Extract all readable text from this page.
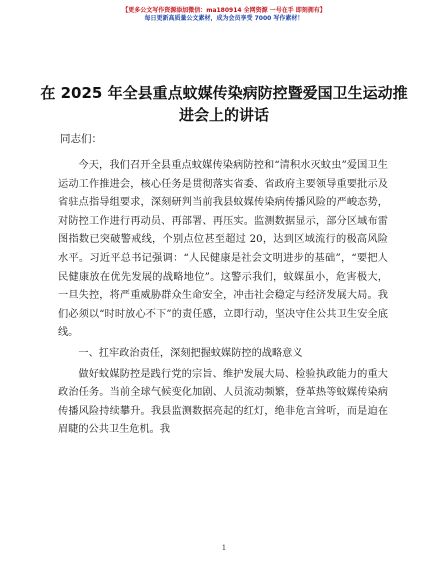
【更多公文写作资源添加微信：ma180914 全网资源 一号在手 即刻拥有】
每日更新高质量公文素材，成为会员享受 7000 写作素材！
在 2025 年全县重点蚊媒传染病防控暨爱国卫生运动推进会上的讲话
同志们：

今天，我们召开全县重点蚊媒传染病防控和“清积水灭蚊虫”爱国卫生运动工作推进会，核心任务是贯彻落实省委、省政府主要领导重要批示及省驻点指导组要求，深刻研判当前我县蚊媒传染病传播风险的严峻态势，对防控工作进行再动员、再部署、再压实。监测数据显示，部分区域布雷图指数已突破警戒线，个别点位甚至超过 20，达到区域流行的极高风险水平。习近平总书记强调：“人民健康是社会文明进步的基础”，“要把人民健康放在优先发展的战略地位”。这警示我们，蚊媒虽小，危害极大，一旦失控，将严重威胁群众生命安全，冲击社会稳定与经济发展大局。我们必须以“时时放心不下”的责任感，立即行动，坚决守住公共卫生安全底线。

一、扛牢政治责任，深刻把握蚊媒防控的战略意义

做好蚊媒防控是践行党的宗旨、维护发展大局、检验执政能力的重大政治任务。当前全球气候变化加剧、人员流动频繁，登革热等蚊媒传染病传播风险持续攀升。我县监测数据亮起的红灯，绝非危言耸听，而是迫在眉睫的公共卫生危机。我

1
